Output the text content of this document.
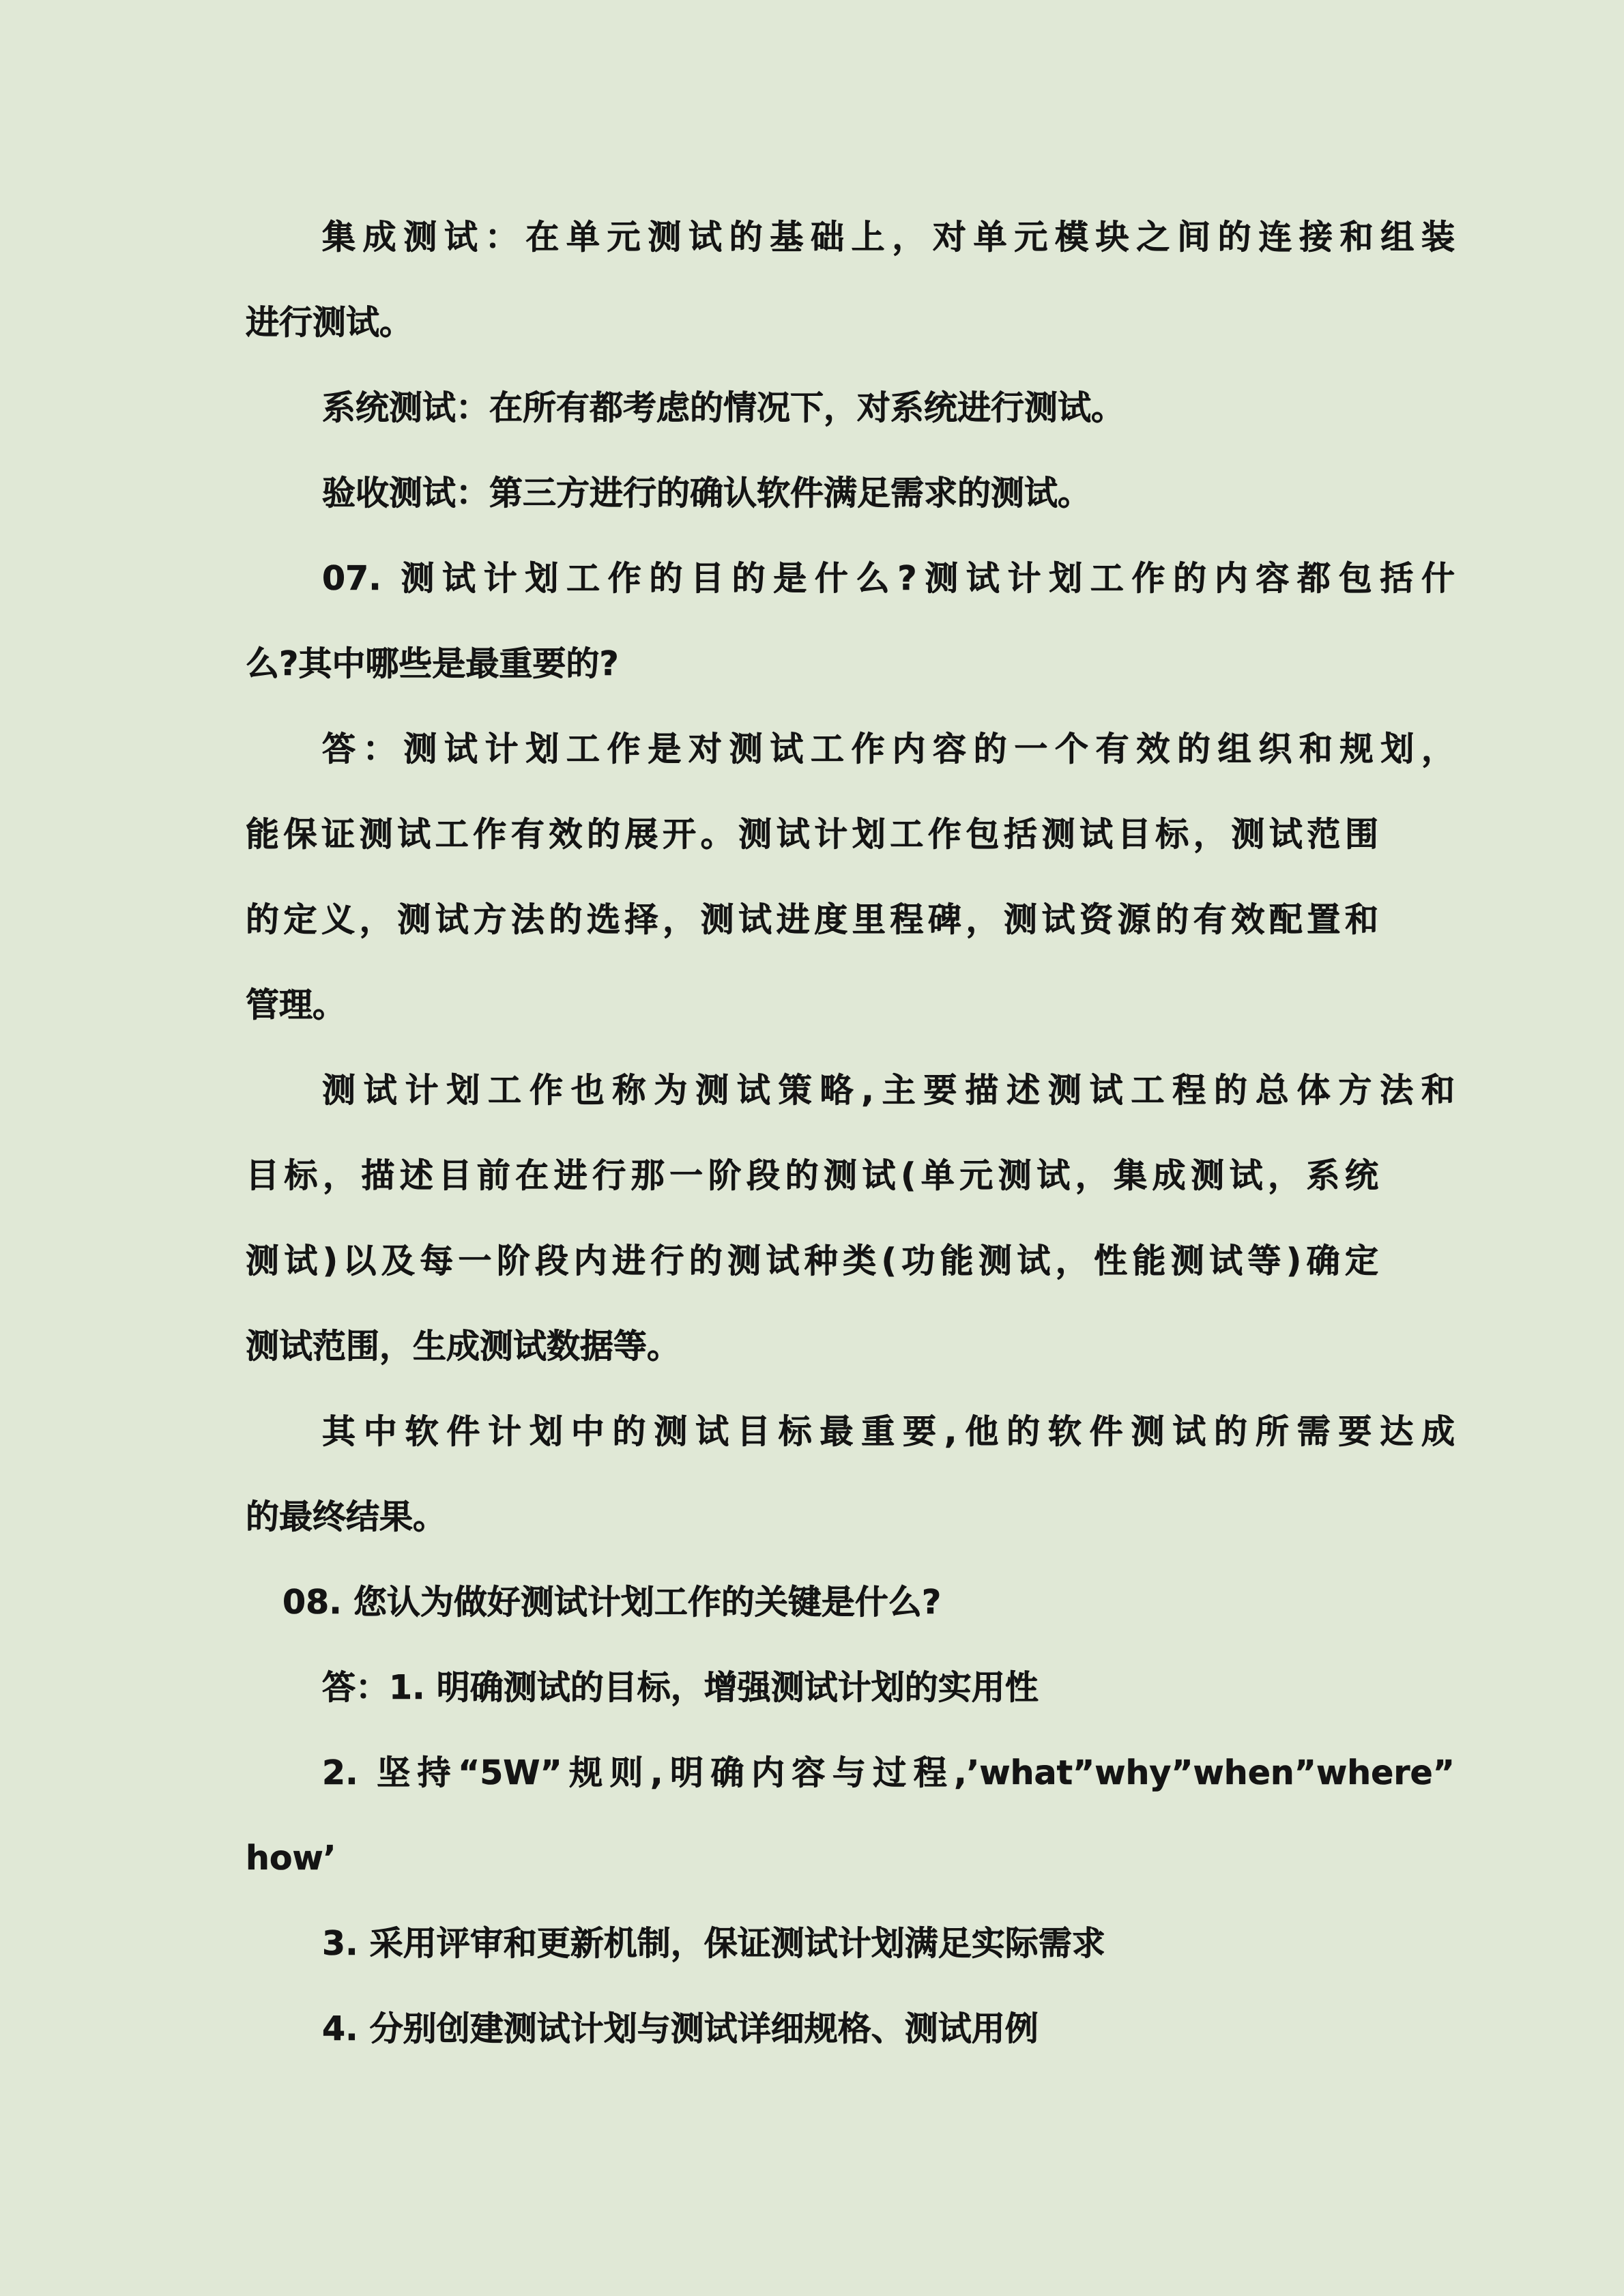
集成测试：在单元测试的基础上，对单元模块之间的连接和组装
进行测试。
系统测试：在所有都考虑的情况下，对系统进行测试。
验收测试：第三方进行的确认软件满足需求的测试。
07. 测试计划工作的目的是什么?测试计划工作的内容都包括什
么?其中哪些是最重要的?
答：测试计划工作是对测试工作内容的一个有效的组织和规划，
能保证测试工作有效的展开。测试计划工作包括测试目标，测试范围
的定义，测试方法的选择，测试进度里程碑，测试资源的有效配置和
管理。
测试计划工作也称为测试策略,主要描述测试工程的总体方法和
目标，描述目前在进行那一阶段的测试(单元测试，集成测试，系统
测试)以及每一阶段内进行的测试种类(功能测试，性能测试等)确定
测试范围，生成测试数据等。
其中软件计划中的测试目标最重要,他的软件测试的所需要达成
的最终结果。
08. 您认为做好测试计划工作的关键是什么?
答：1. 明确测试的目标，增强测试计划的实用性
2. 坚持“5W”规则,明确内容与过程,’what”why”when”where”
how’
3. 采用评审和更新机制，保证测试计划满足实际需求
4. 分别创建测试计划与测试详细规格、测试用例
